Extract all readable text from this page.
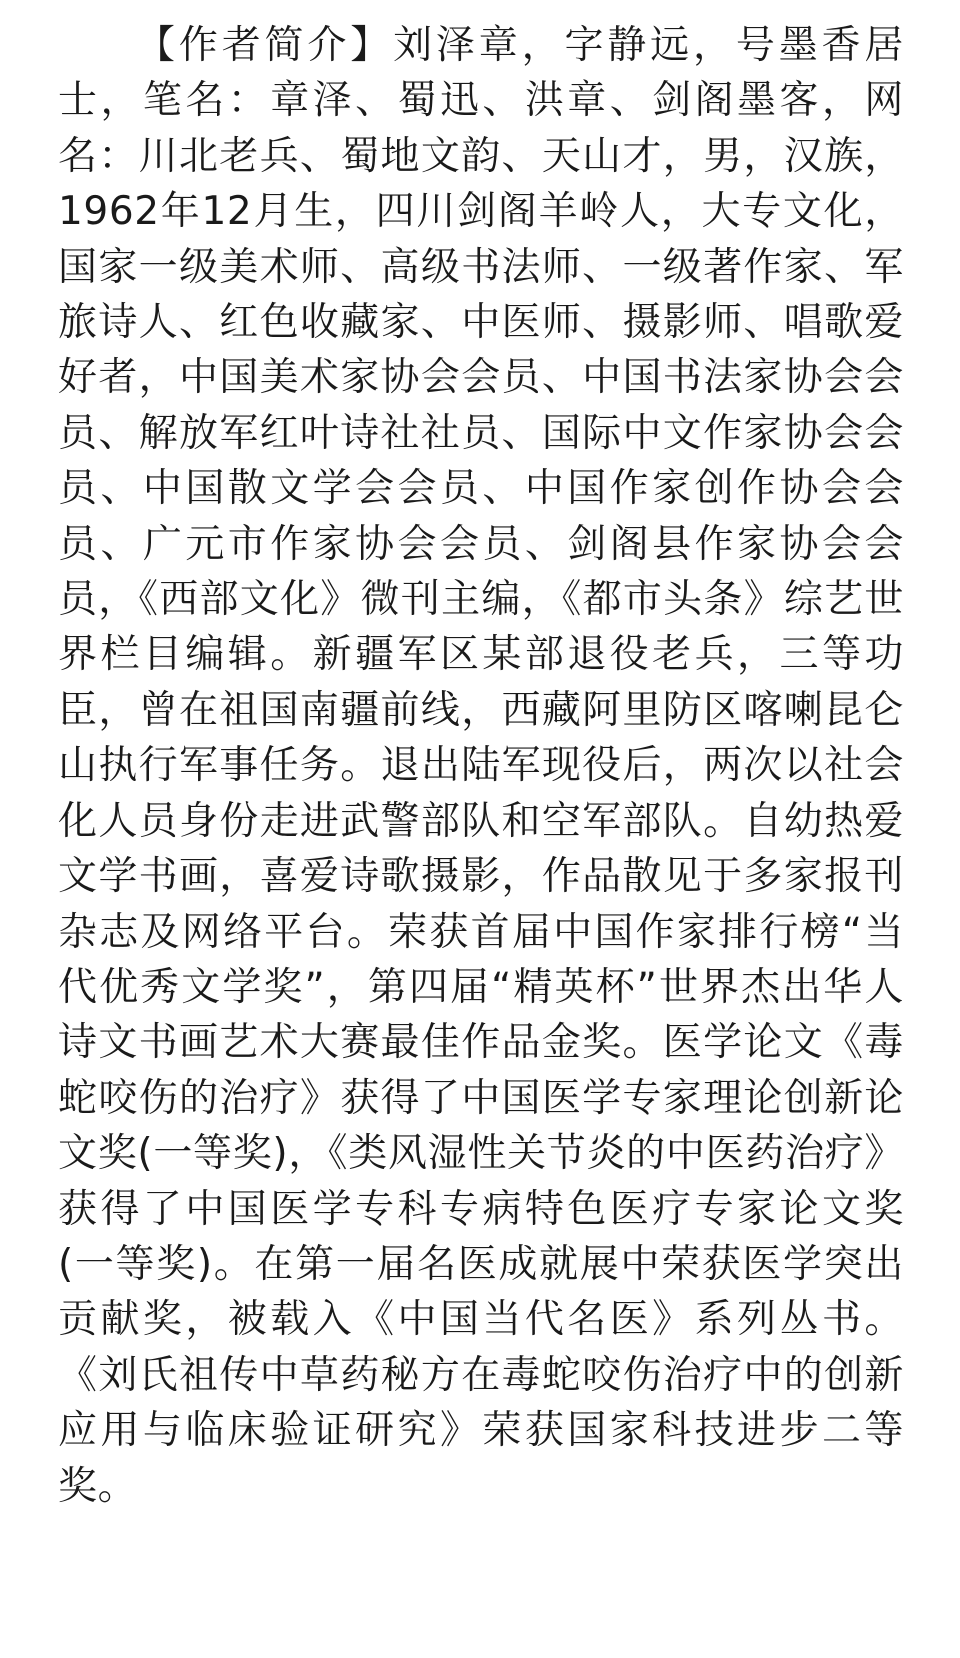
【作者简介】刘泽章，字静远，号墨香居士，笔名：章泽、蜀迅、洪章、剑阁墨客，网名：川北老兵、蜀地文韵、天山才，男，汉族，1962年12月生，四川剑阁羊岭人，大专文化，国家一级美术师、高级书法师、一级著作家、军旅诗人、红色收藏家、中医师、摄影师、唱歌爱好者，中国美术家协会会员、中国书法家协会会员、解放军红叶诗社社员、国际中文作家协会会员、中国散文学会会员、中国作家创作协会会员、广元市作家协会会员、剑阁县作家协会会员，《西部文化》微刊主编，《都市头条》综艺世界栏目编辑。新疆军区某部退役老兵，三等功臣，曾在祖国南疆前线，西藏阿里防区喀喇昆仑山执行军事任务。退出陆军现役后，两次以社会化人员身份走进武警部队和空军部队。自幼热爱文学书画，喜爱诗歌摄影，作品散见于多家报刊杂志及网络平台。荣获首届中国作家排行榜“当代优秀文学奖”，第四届“精英杯”世界杰出华人诗文书画艺术大赛最佳作品金奖。医学论文《毒蛇咬伤的治疗》获得了中国医学专家理论创新论文奖(一等奖)，《类风湿性关节炎的中医药治疗》获得了中国医学专科专病特色医疗专家论文奖(一等奖)。在第一届名医成就展中荣获医学突出贡献奖，被载入《中国当代名医》系列丛书。《刘氏祖传中草药秘方在毒蛇咬伤治疗中的创新应用与临床验证研究》荣获国家科技进步二等奖。
